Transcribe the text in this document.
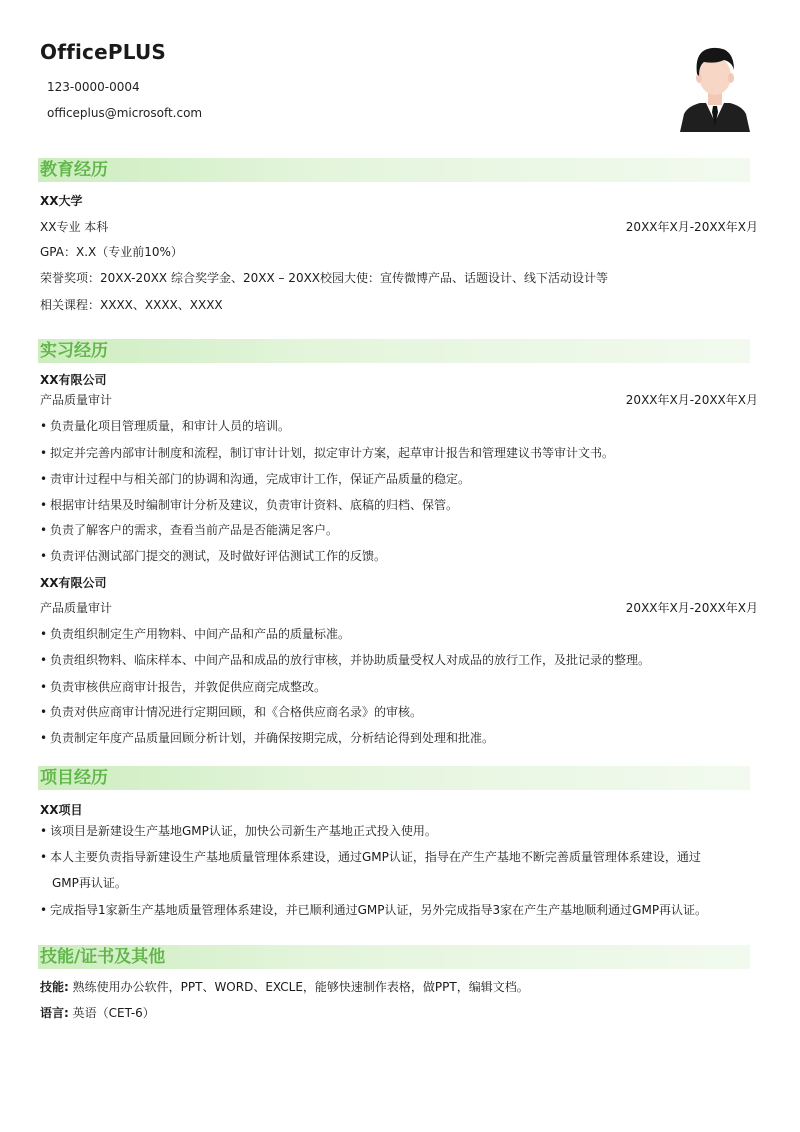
OfficePLUS
123-0000-0004
officeplus@microsoft.com
教育经历
XX大学
XX专业 本科	20XX年X月-20XX年X月
GPA：X.X（专业前10%）
荣誉奖项：20XX-20XX 综合奖学金、20XX – 20XX校园大使：宣传微博产品、话题设计、线下活动设计等
相关课程：XXXX、XXXX、XXXX
实习经历
XX有限公司
产品质量审计	20XX年X月-20XX年X月
• 负责量化项目管理质量，和审计人员的培训。
• 拟定并完善内部审计制度和流程，制订审计计划，拟定审计方案，起草审计报告和管理建议书等审计文书。
• 责审计过程中与相关部门的协调和沟通，完成审计工作，保证产品质量的稳定。
• 根据审计结果及时编制审计分析及建议，负责审计资料、底稿的归档、保管。
• 负责了解客户的需求，查看当前产品是否能满足客户。
• 负责评估测试部门提交的测试，及时做好评估测试工作的反馈。
XX有限公司
产品质量审计	20XX年X月-20XX年X月
• 负责组织制定生产用物料、中间产品和产品的质量标准。
• 负责组织物料、临床样本、中间产品和成品的放行审核，并协助质量受权人对成品的放行工作，及批记录的整理。
• 负责审核供应商审计报告，并敦促供应商完成整改。
• 负责对供应商审计情况进行定期回顾，和《合格供应商名录》的审核。
• 负责制定年度产品质量回顾分析计划，并确保按期完成，分析结论得到处理和批准。
项目经历
XX项目
• 该项目是新建设生产基地GMP认证，加快公司新生产基地正式投入使用。
• 本人主要负责指导新建设生产基地质量管理体系建设，通过GMP认证，指导在产生产基地不断完善质量管理体系建设，通过
GMP再认证。
• 完成指导1家新生产基地质量管理体系建设，并已顺利通过GMP认证，另外完成指导3家在产生产基地顺利通过GMP再认证。
技能/证书及其他
技能: 熟练使用办公软件，PPT、WORD、EXCLE，能够快速制作表格，做PPT，编辑文档。
语言: 英语（CET-6）
